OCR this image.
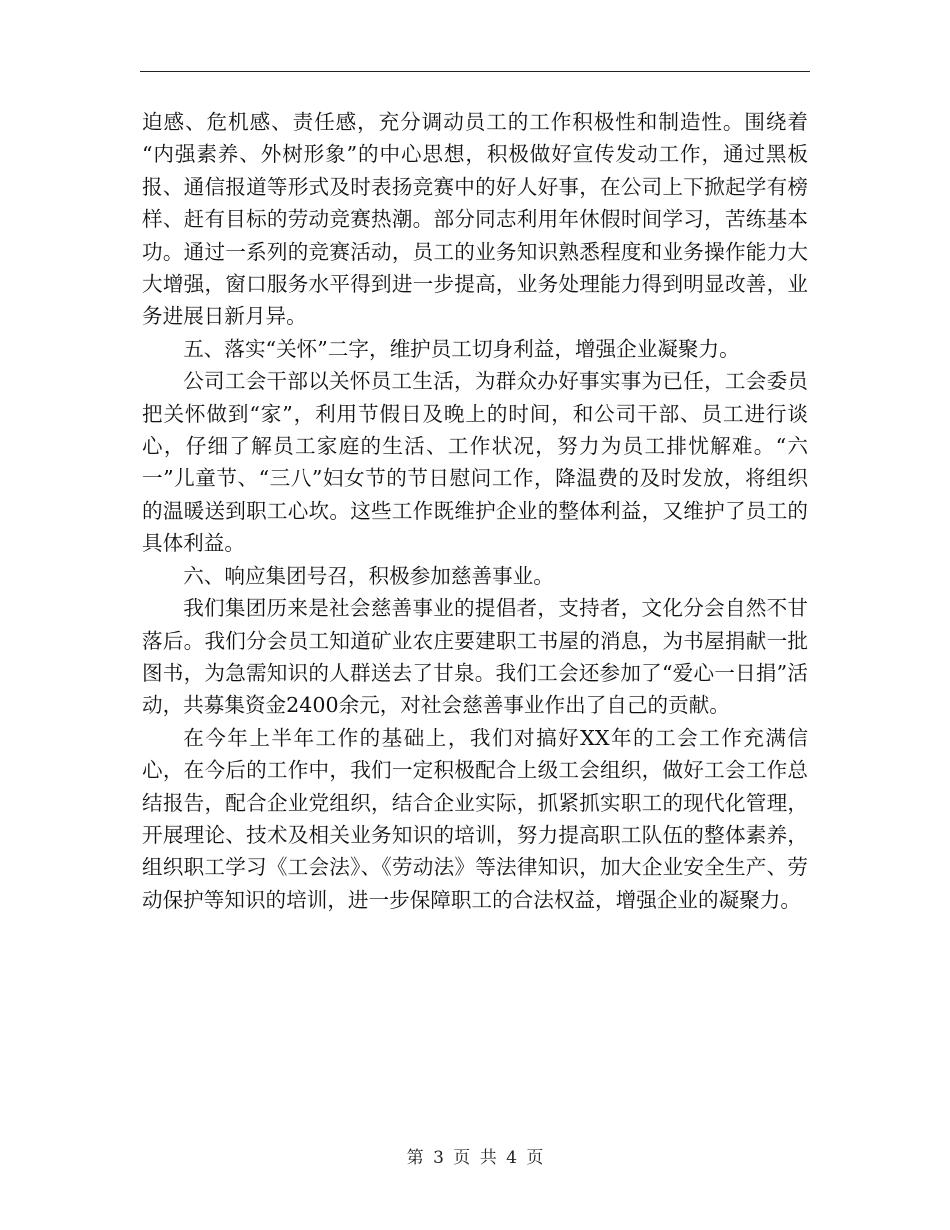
迫感、危机感、责任感，充分调动员工的工作积极性和制造性。围绕着 “内强素养、外树形象”的中心思想，积极做好宣传发动工作，通过黑板报、通信报道等形式及时表扬竞赛中的好人好事，在公司上下掀起学有榜样、赶有目标的劳动竞赛热潮。部分同志利用年休假时间学习，苦练基本功。通过一系列的竞赛活动，员工的业务知识熟悉程度和业务操作能力大大增强，窗口服务水平得到进一步提高，业务处理能力得到明显改善，业务进展日新月异。

五、落实“关怀”二字，维护员工切身利益，增强企业凝聚力。

公司工会干部以关怀员工生活，为群众办好事实事为已任，工会委员把关怀做到“家”，利用节假日及晚上的时间，和公司干部、员工进行谈心，仔细了解员工家庭的生活、工作状况，努力为员工排忧解难。“六一”儿童节、“三八”妇女节的节日慰问工作，降温费的及时发放，将组织的温暖送到职工心坎。这些工作既维护企业的整体利益，又维护了员工的具体利益。

六、响应集团号召，积极参加慈善事业。

我们集团历来是社会慈善事业的提倡者，支持者，文化分会自然不甘落后。我们分会员工知道矿业农庄要建职工书屋的消息，为书屋捐献一批图书，为急需知识的人群送去了甘泉。我们工会还参加了“爱心一日捐”活动，共募集资金2400余元，对社会慈善事业作出了自己的贡献。

在今年上半年工作的基础上，我们对搞好XX年的工会工作充满信心，在今后的工作中，我们一定积极配合上级工会组织，做好工会工作总结报告，配合企业党组织，结合企业实际，抓紧抓实职工的现代化管理，开展理论、技术及相关业务知识的培训，努力提高职工队伍的整体素养，组织职工学习《工会法》、《劳动法》等法律知识，加大企业安全生产、劳动保护等知识的培训，进一步保障职工的合法权益，增强企业的凝聚力。

第 3 页 共 4 页
